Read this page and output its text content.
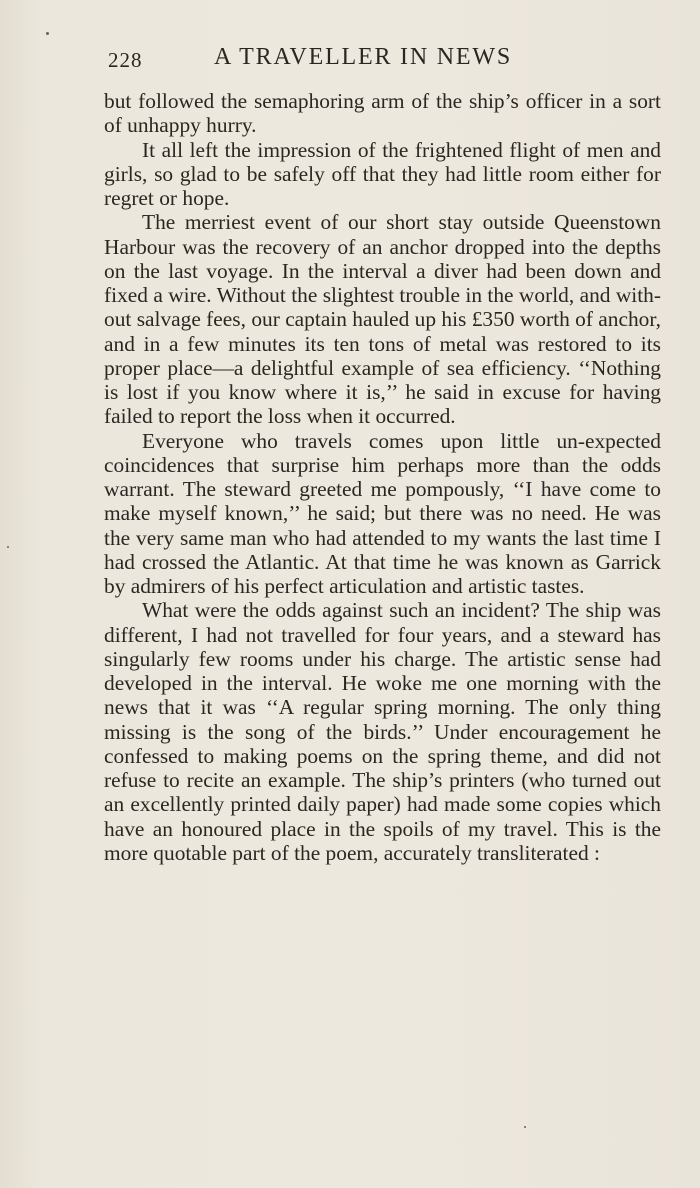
228	A TRAVELLER IN NEWS

but followed the semaphoring arm of the ship’s officer in a sort of unhappy hurry.

It all left the impression of the frightened flight of men and girls, so glad to be safely off that they had little room either for regret or hope.

The merriest event of our short stay outside Queenstown Harbour was the recovery of an anchor dropped into the depths on the last voyage. In the interval a diver had been down and fixed a wire. Without the slightest trouble in the world, and with-out salvage fees, our captain hauled up his £350 worth of anchor, and in a few minutes its ten tons of metal was restored to its proper place—a delightful example of sea efficiency. ‘‘Nothing is lost if you know where it is,’’ he said in excuse for having failed to report the loss when it occurred.

Everyone who travels comes upon little un-expected coincidences that surprise him perhaps more than the odds warrant. The steward greeted me pompously, ‘‘I have come to make myself known,’’ he said; but there was no need. He was the very same man who had attended to my wants the last time I had crossed the Atlantic. At that time he was known as Garrick by admirers of his perfect articulation and artistic tastes.

What were the odds against such an incident? The ship was different, I had not travelled for four years, and a steward has singularly few rooms under his charge. The artistic sense had developed in the interval. He woke me one morning with the news that it was ‘‘A regular spring morning. The only thing missing is the song of the birds.’’ Under encouragement he confessed to making poems on the spring theme, and did not refuse to recite an example. The ship’s printers (who turned out an excellently printed daily paper) had made some copies which have an honoured place in the spoils of my travel. This is the more quotable part of the poem, accurately transliterated :
